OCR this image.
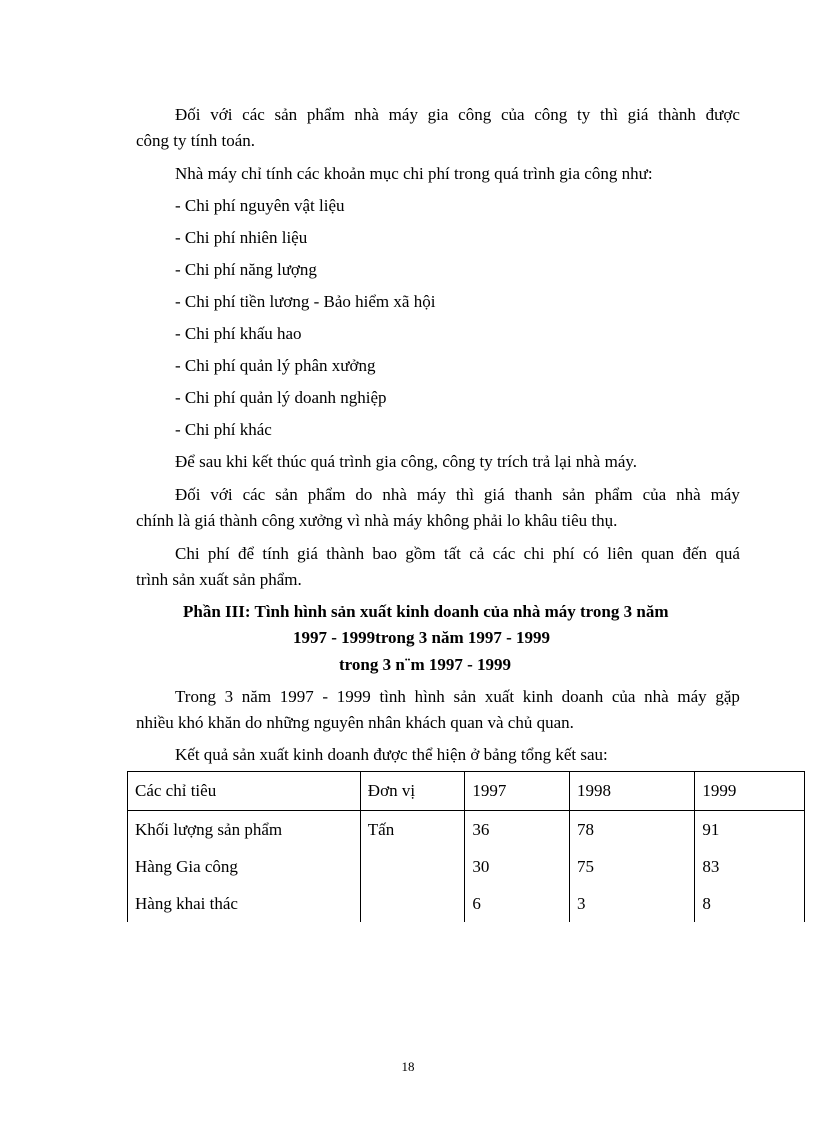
Đối với các sản phẩm nhà máy gia công của công ty thì giá thành được
công ty tính toán.
Nhà máy chỉ tính các khoản mục chi phí trong quá trình gia công như:
- Chi phí nguyên vật liệu
- Chi phí nhiên liệu
- Chi phí năng lượng
- Chi phí tiền lương - Bảo hiểm xã hội
- Chi phí khấu hao
- Chi phí quản lý phân xưởng
- Chi phí quản lý doanh nghiệp
- Chi phí khác
Để sau khi kết thúc quá trình gia công, công ty trích trả lại nhà máy.
Đối với các sản phẩm do nhà máy thì giá thanh sản phẩm của nhà máy
chính là giá thành công xưởng vì nhà máy không phải lo khâu tiêu thụ.
Chi phí để tính giá thành bao gồm tất cả các chi phí có liên quan đến quá
trình sản xuất sản phẩm.
Phần III: Tình hình sản xuất kinh doanh của nhà máy trong 3 năm
1997 - 1999trong 3 năm 1997 - 1999
trong 3 n¨m 1997 - 1999
Trong 3 năm 1997 - 1999 tình hình sản xuất kinh doanh của nhà máy gặp
nhiều khó khăn do những nguyên nhân khách quan và chủ quan.
Kết quả sản xuất kinh doanh được thể hiện ở bảng tổng kết sau:
Các chỉ tiêu	Đơn vị	1997	1998	1999
Khối lượng sản phẩm	Tấn	36	78	91
Hàng Gia công		30	75	83
Hàng khai thác		6	3	8
18
